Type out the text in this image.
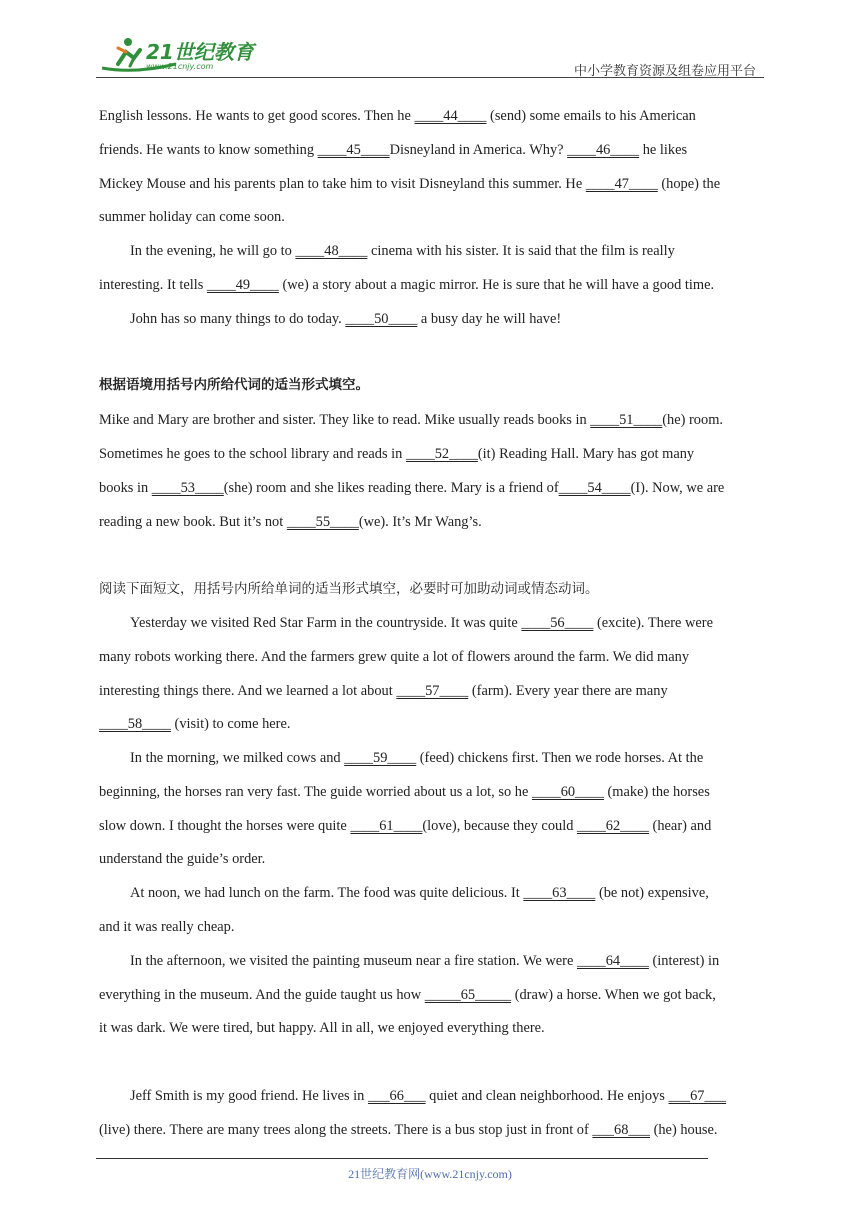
21世纪教育
www.21cnjy.com	中小学教育资源及组卷应用平台
English lessons. He wants to get good scores. Then he ____44____ (send) some emails to his American
friends. He wants to know something ____45____Disneyland in America. Why? ____46____ he likes
Mickey Mouse and his parents plan to take him to visit Disneyland this summer. He ____47____ (hope) the
summer holiday can come soon.
In the evening, he will go to ____48____ cinema with his sister. It is said that the film is really
interesting. It tells ____49____ (we) a story about a magic mirror. He is sure that he will have a good time.
John has so many things to do today. ____50____ a busy day he will have!
根据语境用括号内所给代词的适当形式填空。
Mike and Mary are brother and sister. They like to read. Mike usually reads books in ____51____(he) room.
Sometimes he goes to the school library and reads in ____52____(it) Reading Hall. Mary has got many
books in ____53____(she) room and she likes reading there. Mary is a friend of____54____(I). Now, we are
reading a new book. But it’s not ____55____(we). It’s Mr Wang’s.
阅读下面短文，用括号内所给单词的适当形式填空，必要时可加助动词或情态动词。
Yesterday we visited Red Star Farm in the countryside. It was quite ____56____ (excite). There were
many robots working there. And the farmers grew quite a lot of flowers around the farm. We did many
interesting things there. And we learned a lot about ____57____ (farm). Every year there are many
____58____ (visit) to come here.
In the morning, we milked cows and ____59____ (feed) chickens first. Then we rode horses. At the
beginning, the horses ran very fast. The guide worried about us a lot, so he ____60____ (make) the horses
slow down. I thought the horses were quite ____61____(love), because they could ____62____ (hear) and
understand the guide’s order.
At noon, we had lunch on the farm. The food was quite delicious. It ____63____ (be not) expensive,
and it was really cheap.
In the afternoon, we visited the painting museum near a fire station. We were ____64____ (interest) in
everything in the museum. And the guide taught us how _____65_____ (draw) a horse. When we got back,
it was dark. We were tired, but happy. All in all, we enjoyed everything there.
Jeff Smith is my good friend. He lives in ___66___ quiet and clean neighborhood. He enjoys ___67___
(live) there. There are many trees along the streets. There is a bus stop just in front of ___68___ (he) house.
21世纪教育网(www.21cnjy.com)
